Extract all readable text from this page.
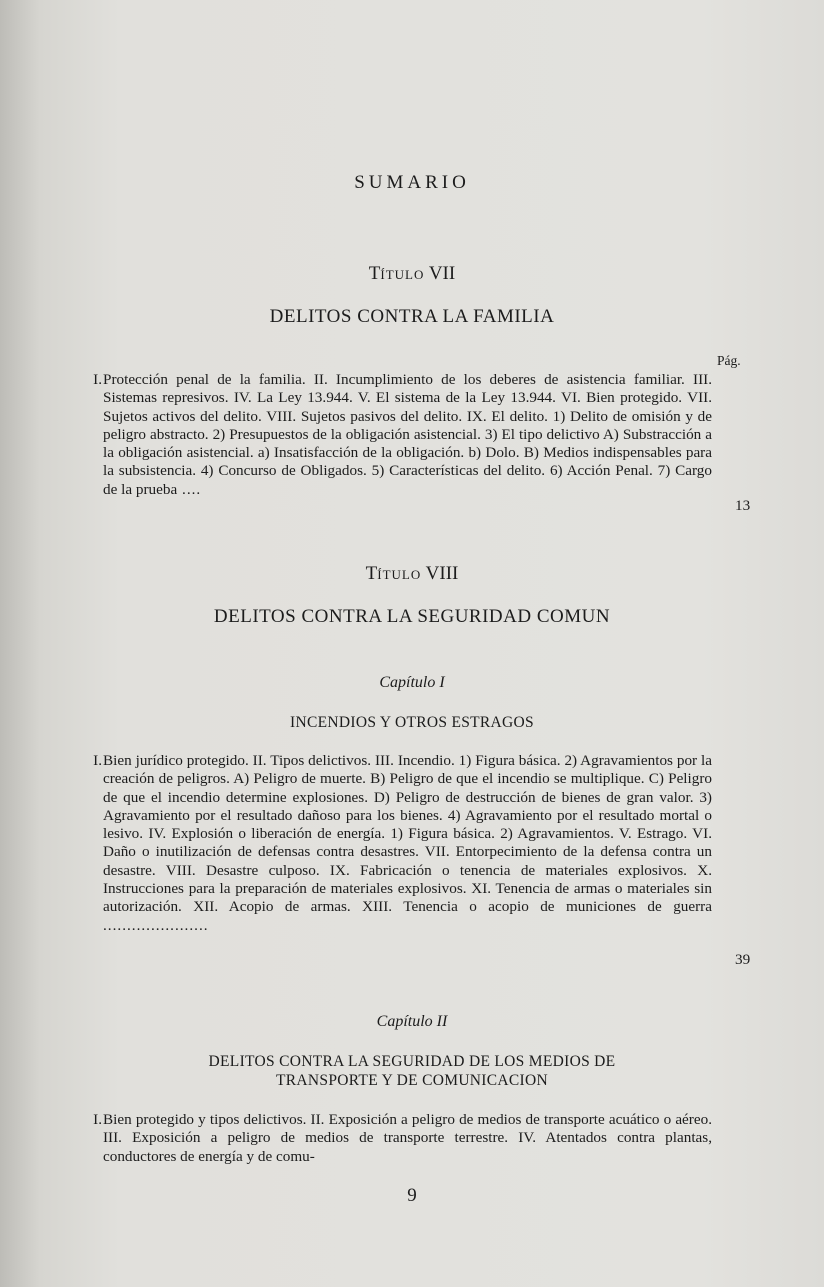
SUMARIO
Título VII
DELITOS CONTRA LA FAMILIA
Pág.
I. Protección penal de la familia. II. Incumplimiento de los deberes de asistencia familiar. III. Sistemas represivos. IV. La Ley 13.944. V. El sistema de la Ley 13.944. VI. Bien protegido. VII. Sujetos activos del delito. VIII. Sujetos pasivos del delito. IX. El delito. 1) Delito de omisión y de peligro abstracto. 2) Presupuestos de la obligación asistencial. 3) El tipo delictivo A) Substracción a la obligación asistencial. a) Insatisfacción de la obligación. b) Dolo. B) Medios indispensables para la subsistencia. 4) Concurso de Obligados. 5) Características del delito. 6) Acción Penal. 7) Cargo de la prueba ....
13
Título VIII
DELITOS CONTRA LA SEGURIDAD COMUN
Capítulo I
INCENDIOS Y OTROS ESTRAGOS
I. Bien jurídico protegido. II. Tipos delictivos. III. Incendio. 1) Figura básica. 2) Agravamientos por la creación de peligros. A) Peligro de muerte. B) Peligro de que el incendio se multiplique. C) Peligro de que el incendio determine explosiones. D) Peligro de destrucción de bienes de gran valor. 3) Agravamiento por el resultado dañoso para los bienes. 4) Agravamiento por el resultado mortal o lesivo. IV. Explosión o liberación de energía. 1) Figura básica. 2) Agravamientos. V. Estrago. VI. Daño o inutilización de defensas contra desastres. VII. Entorpecimiento de la defensa contra un desastre. VIII. Desastre culposo. IX. Fabricación o tenencia de materiales explosivos. X. Instrucciones para la preparación de materiales explosivos. XI. Tenencia de armas o materiales sin autorización. XII. Acopio de armas. XIII. Tenencia o acopio de municiones de guerra ......................
39
Capítulo II
DELITOS CONTRA LA SEGURIDAD DE LOS MEDIOS DE
TRANSPORTE Y DE COMUNICACION
I. Bien protegido y tipos delictivos. II. Exposición a peligro de medios de transporte acuático o aéreo. III. Exposición a peligro de medios de transporte terrestre. IV. Atentados contra plantas, conductores de energía y de comu-
9
